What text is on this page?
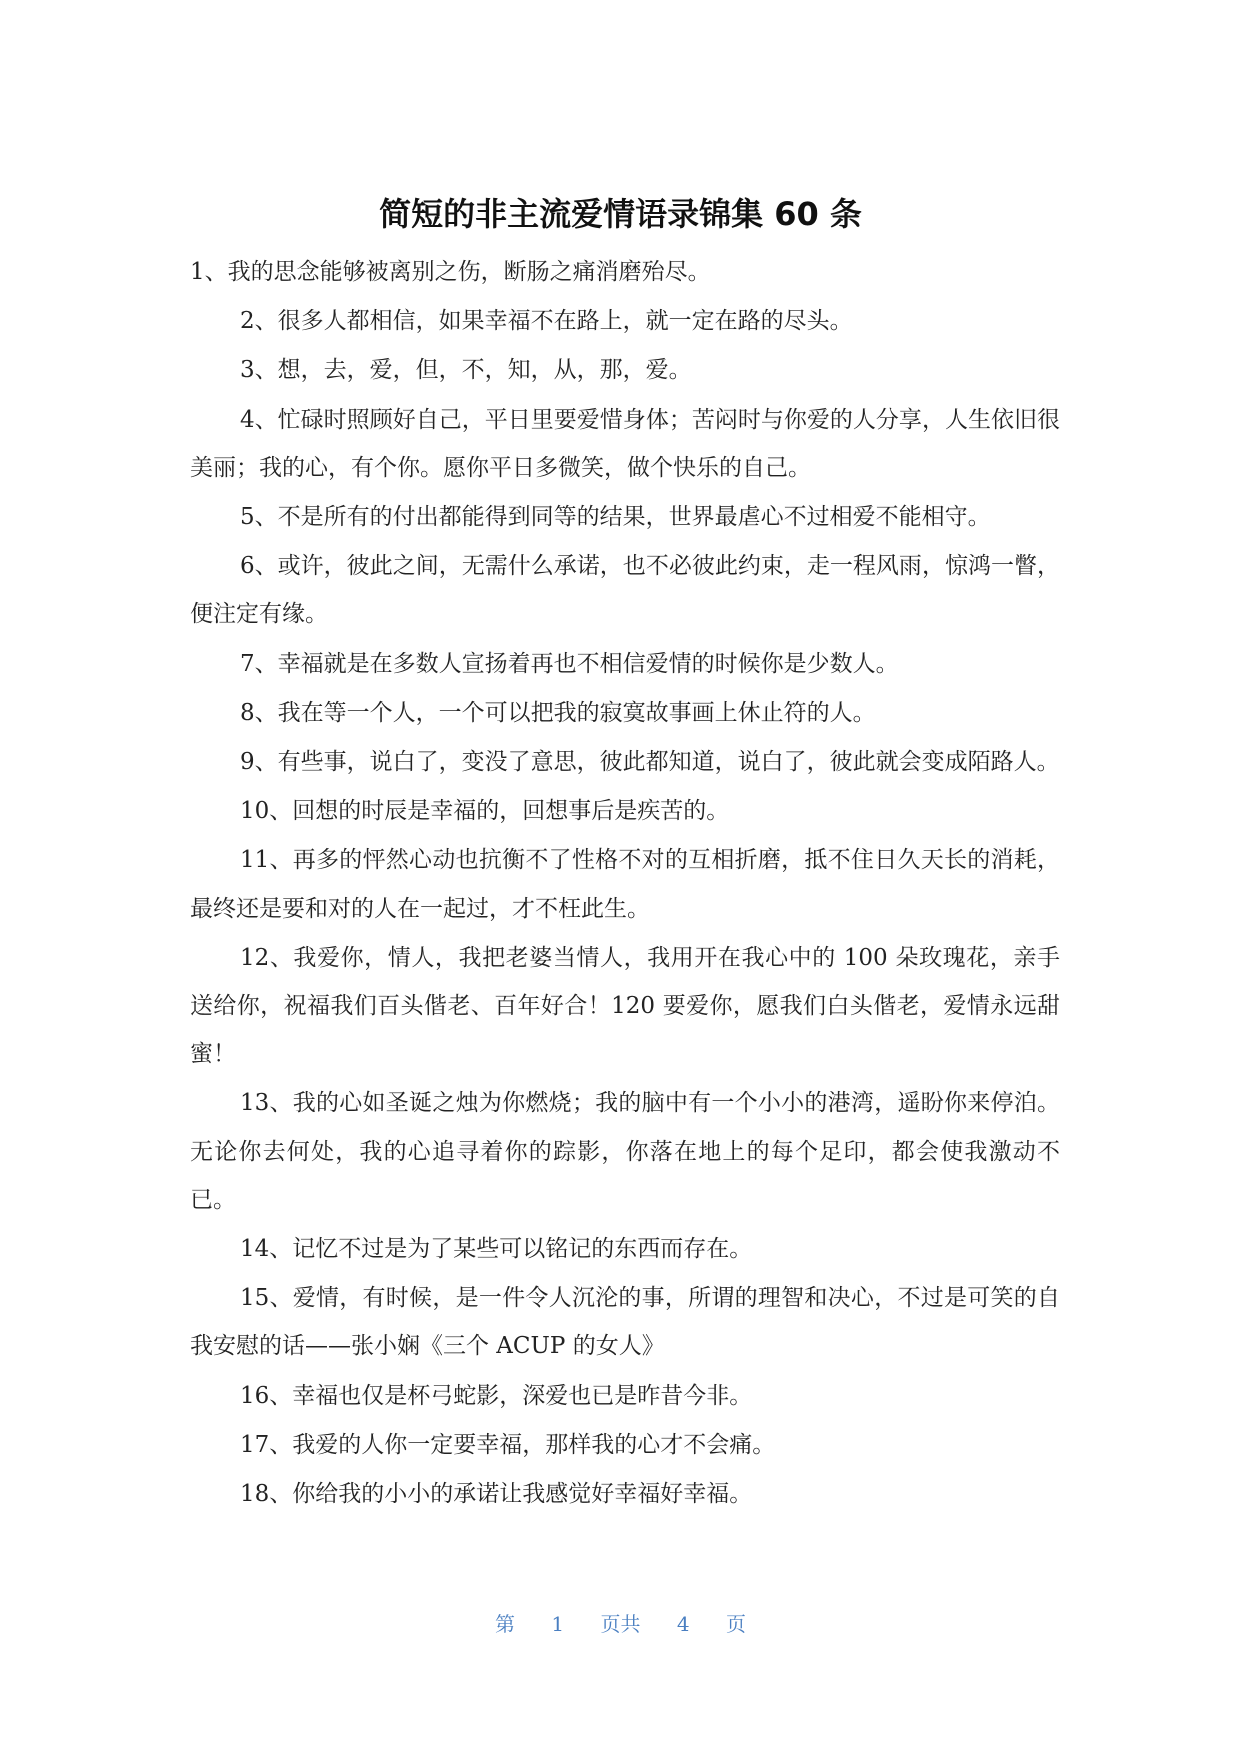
简短的非主流爱情语录锦集 60 条

1、我的思念能够被离别之伤，断肠之痛消磨殆尽。

2、很多人都相信，如果幸福不在路上，就一定在路的尽头。

3、想，去，爱，但，不，知，从，那，爱。

4、忙碌时照顾好自己，平日里要爱惜身体；苦闷时与你爱的人分享，人生依旧很美丽；我的心，有个你。愿你平日多微笑，做个快乐的自己。

5、不是所有的付出都能得到同等的结果，世界最虐心不过相爱不能相守。

6、或许，彼此之间，无需什么承诺，也不必彼此约束，走一程风雨，惊鸿一瞥，便注定有缘。

7、幸福就是在多数人宣扬着再也不相信爱情的时候你是少数人。

8、我在等一个人，一个可以把我的寂寞故事画上休止符的人。

9、有些事，说白了，变没了意思，彼此都知道，说白了，彼此就会变成陌路人。

10、回想的时辰是幸福的，回想事后是疾苦的。

11、再多的怦然心动也抗衡不了性格不对的互相折磨，抵不住日久天长的消耗，最终还是要和对的人在一起过，才不枉此生。

12、我爱你，情人，我把老婆当情人，我用开在我心中的 100 朵玫瑰花，亲手送给你，祝福我们百头偕老、百年好合！120 要爱你，愿我们白头偕老，爱情永远甜蜜！

13、我的心如圣诞之烛为你燃烧；我的脑中有一个小小的港湾，遥盼你来停泊。无论你去何处，我的心追寻着你的踪影，你落在地上的每个足印，都会使我激动不已。

14、记忆不过是为了某些可以铭记的东西而存在。

15、爱情，有时候，是一件令人沉沦的事，所谓的理智和决心，不过是可笑的自我安慰的话——张小娴《三个 ACUP 的女人》

16、幸福也仅是杯弓蛇影，深爱也已是昨昔今非。

17、我爱的人你一定要幸福，那样我的心才不会痛。

18、你给我的小小的承诺让我感觉好幸福好幸福。

第 1 页共 4 页
